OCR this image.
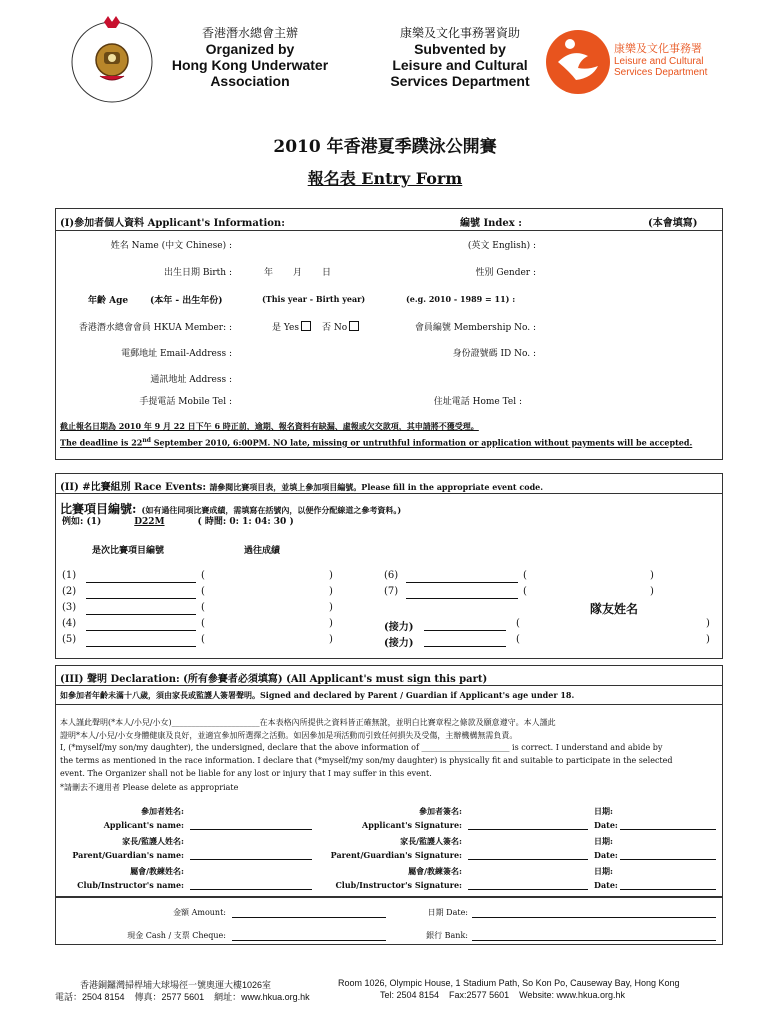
香港潛水總會主辦
Organized by
Hong Kong Underwater
Association
康樂及文化事務署資助
Subvented by
Leisure and Cultural
Services Department
康樂及文化事務署
Leisure and Cultural
Services Department
2010 年香港夏季蹼泳公開賽
報名表 Entry Form
(I)參加者個人資料 Applicant's Information:	編號 Index :	(本會填寫)
姓名 Name (中文 Chinese) :	(英文 English) :
出生日期 Birth :	年       月       日	性別 Gender :
年齡 Age (本年 - 出生年份)	(This year - Birth year)	(e.g. 2010 - 1989 = 11) :
香港潛水總會會員 HKUA Member: :	是 Yes	否 No	會員編號 Membership No. :
電郵地址 Email-Address :	身份證號碼 ID No. :
通訊地址 Address :
手提電話 Mobile Tel :	住址電話 Home Tel :
截止報名日期為 2010 年 9 月 22 日下午 6 時正前，逾期、報名資料有缺漏、虛報或欠交款項，其申請將不獲受理。
The deadline is 22nd September 2010, 6:00PM. NO late, missing or untruthful information or application without payments will be accepted.
(II) #比賽組別 Race Events: 請參閱比賽項目表，並填上參加項目編號。Please fill in the appropriate event code.
比賽項目編號: (如有過往同項比賽成績，需填寫在括號內，以便作分配線道之參考資料。)
例如: (1)	D22M	( 時間: 0: 1: 04: 30 )
是次比賽項目編號	過往成績
(1)	(	)
(2)	(	)
(3)	(	)
(4)	(	)
(5)	(	)
(6)	(	)
(7)	(	)
隊友姓名
(接力)	(	)
(接力)	(	)
(III) 聲明 Declaration: (所有參賽者必須填寫) (All Applicant's must sign this part)
如參加者年齡未滿十八歲，須由家長或監護人簽署聲明。Signed and declared by Parent / Guardian if Applicant's age under 18.
本人謹此聲明(*本人/小兒/小女)______________________在本表格內所提供之資料皆正確無訛，並明白比賽章程之條款及願意遵守。本人謹此
證明*本人/小兒/小女身體健康及良好，並適宜參加所選擇之活動。如因參加是項活動而引致任何損失及受傷，主辦機構無需負責。
I, (*myself/my son/my daughter), the undersigned, declare that the above information of ______________________ is correct. I understand and abide by
the terms as mentioned in the race information. I declare that (*myself/my son/my daughter) is physically fit and suitable to participate in the selected
event. The Organizer shall not be liable for any lost or injury that I may suffer in this event.
*請刪去不適用者 Please delete as appropriate
參加者姓名:
Applicant's name:
參加者簽名:
Applicant's Signature:
日期:
Date:
家長/監護人姓名:
Parent/Guardian's name:
家長/監護人簽名:
Parent/Guardian's Signature:
日期:
Date:
屬會/教練姓名:
Club/Instructor's name:
屬會/教練簽名:
Club/Instructor's Signature:
日期:
Date:
金額 Amount:	日期 Date:
現金 Cash / 支票 Cheque:	銀行 Bank:
香港銅鑼灣掃桿埔大球場徑一號奧運大樓1026室
電話：2504 8154    傳真：2577 5601    網址：www.hkua.org.hk
Room 1026, Olympic House, 1 Stadium Path, So Kon Po, Causeway Bay, Hong Kong
Tel: 2504 8154    Fax:2577 5601    Website: www.hkua.org.hk
